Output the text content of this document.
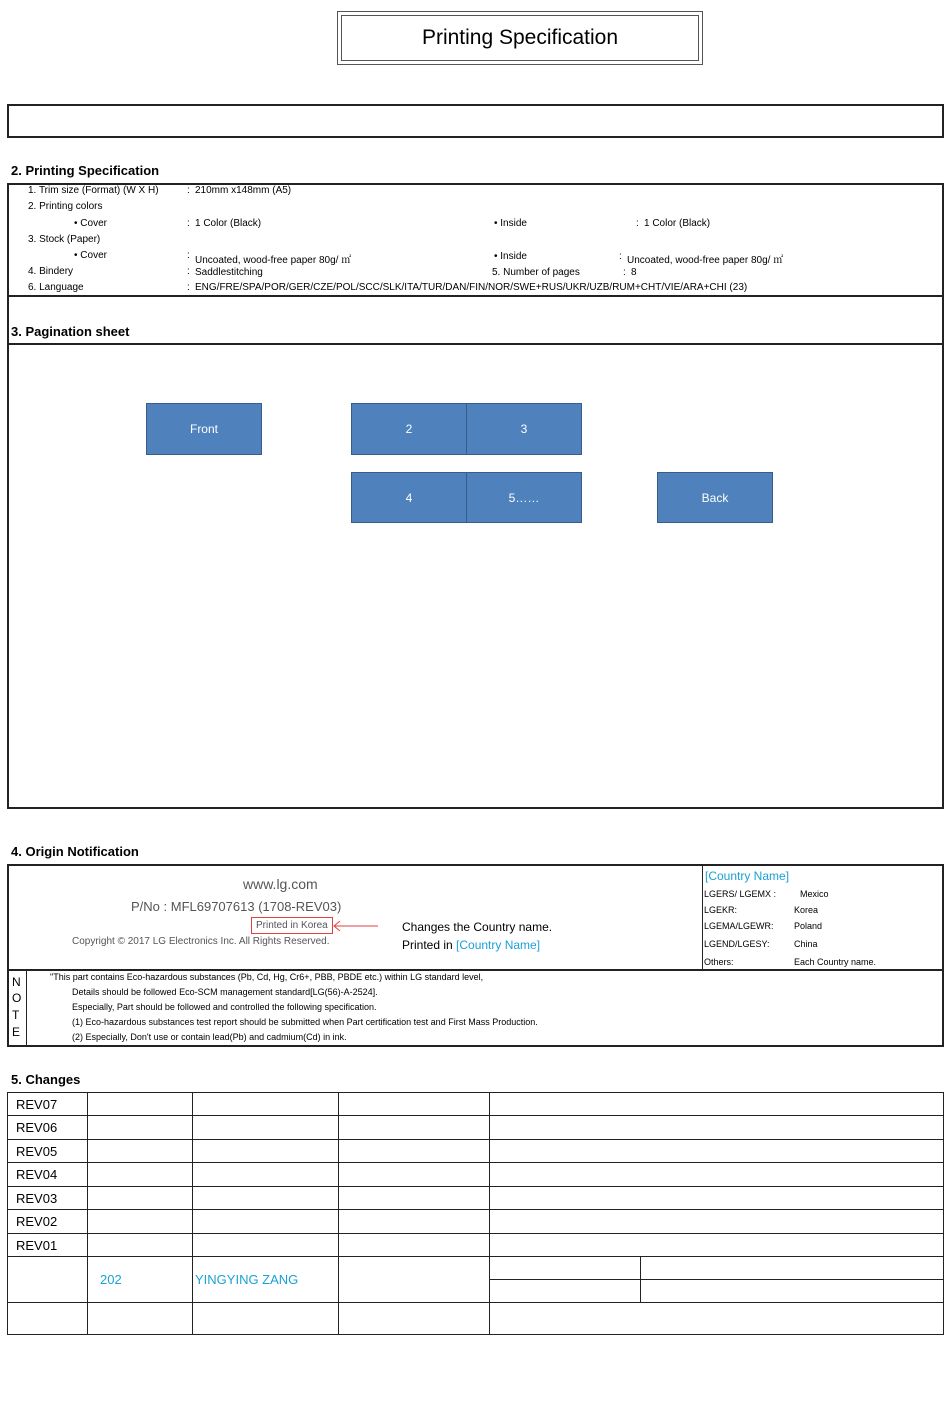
Printing Specification
2. Printing Specification
1. Trim size (Format) (W X H)	: 210mm x148mm (A5)
2. Printing colors
• Cover	: 1 Color (Black)	• Inside	: 1 Color (Black)
3. Stock (Paper)
• Cover	: Uncoated, wood-free paper 80g/ ㎡	• Inside	: Uncoated, wood-free paper 80g/ ㎡
4. Bindery	: Saddlestitching	5. Number of pages	: 8
6. Language	: ENG/FRE/SPA/POR/GER/CZE/POL/SCC/SLK/ITA/TUR/DAN/FIN/NOR/SWE+RUS/UKR/UZB/RUM+CHT/VIE/ARA+CHI (23)
3. Pagination sheet
Front	2	3
4	5……	Back
4. Origin Notification
www.lg.com
P/No : MFL69707613 (1708-REV03)
Printed in Korea
Copyright © 2017 LG Electronics Inc. All Rights Reserved.
Changes the Country name.
Printed in [Country Name]
[Country Name]
LGERS/ LGEMX :	Mexico
LGEKR:	Korea
LGEMA/LGEWR: Poland
LGEND/LGESY:	China
Others:	Each Country name.
N
O
T
E
"This part contains Eco-hazardous substances (Pb, Cd, Hg, Cr6+, PBB, PBDE etc.) within LG standard level,
Details should be followed Eco-SCM management standard[LG(56)-A-2524].
Especially, Part should be followed and controlled the following specification.
(1) Eco-hazardous substances test report should be submitted when Part certification test and First Mass Production.
(2) Especially, Don't use or contain lead(Pb) and cadmium(Cd) in ink.
5. Changes
REV07					
REV06					
REV05					
REV04					
REV03					
REV02					
REV01					
	202	YINGYING ZANG			
